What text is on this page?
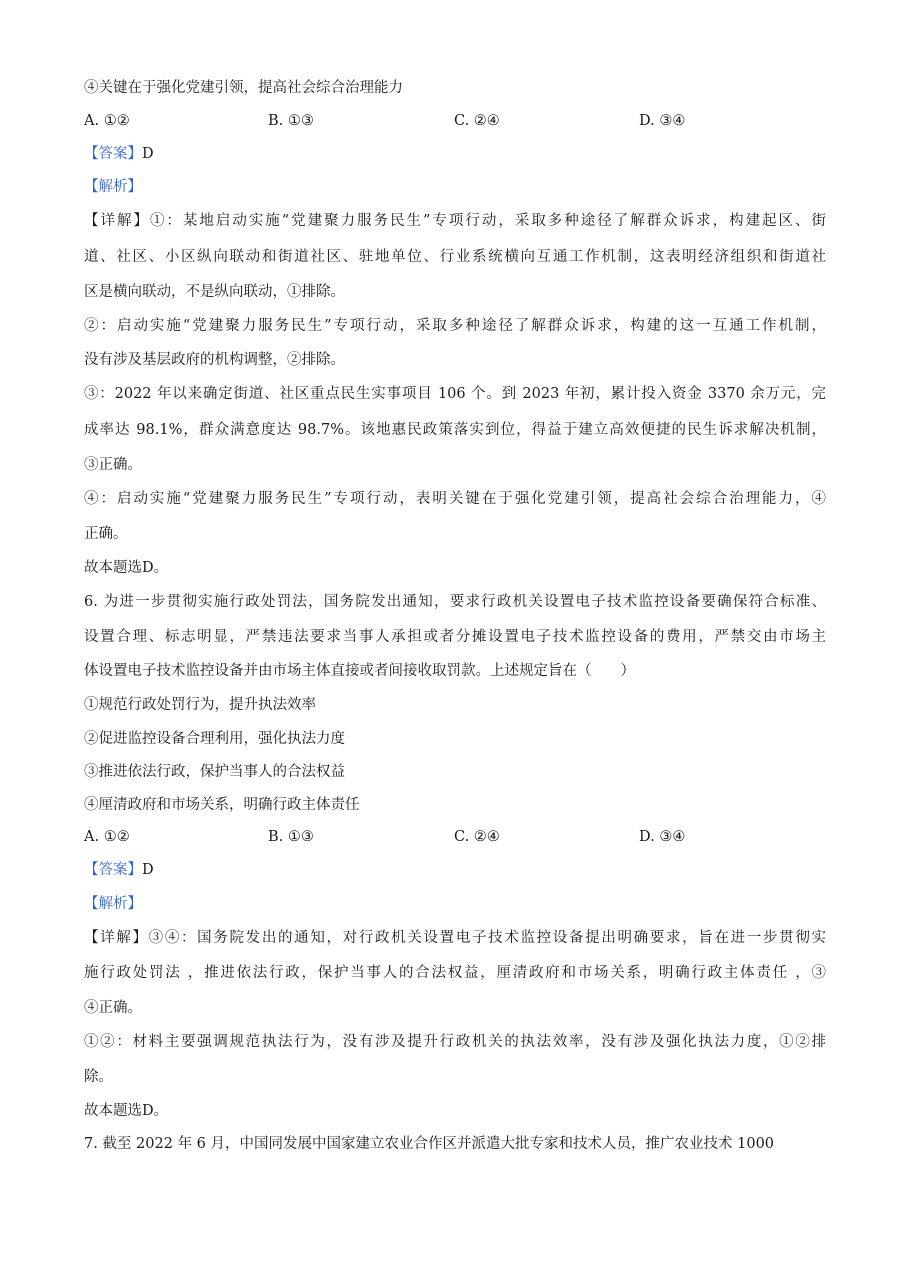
④关键在于强化党建引领，提高社会综合治理能力
A. ①②	B. ①③	C. ②④	D. ③④
【答案】D
【解析】
【详解】①：某地启动实施“党建聚力服务民生”专项行动，采取多种途径了解群众诉求，构建起区、街
道、社区、小区纵向联动和街道社区、驻地单位、行业系统横向互通工作机制，这表明经济组织和街道社
区是横向联动，不是纵向联动，①排除。
②：启动实施“党建聚力服务民生”专项行动，采取多种途径了解群众诉求，构建的这一互通工作机制，
没有涉及基层政府的机构调整，②排除。
③：2022 年以来确定街道、社区重点民生实事项目 106 个。到 2023 年初，累计投入资金 3370 余万元，完
成率达 98.1%，群众满意度达 98.7%。该地惠民政策落实到位，得益于建立高效便捷的民生诉求解决机制，
③正确。
④：启动实施“党建聚力服务民生”专项行动，表明关键在于强化党建引领，提高社会综合治理能力，④
正确。
故本题选D。
6. 为进一步贯彻实施行政处罚法，国务院发出通知，要求行政机关设置电子技术监控设备要确保符合标准、
设置合理、标志明显，严禁违法要求当事人承担或者分摊设置电子技术监控设备的费用，严禁交由市场主
体设置电子技术监控设备并由市场主体直接或者间接收取罚款。上述规定旨在（　　）
①规范行政处罚行为，提升执法效率
②促进监控设备合理利用，强化执法力度
③推进依法行政，保护当事人的合法权益
④厘清政府和市场关系，明确行政主体责任
A. ①②	B. ①③	C. ②④	D. ③④
【答案】D
【解析】
【详解】③④：国务院发出的通知，对行政机关设置电子技术监控设备提出明确要求，旨在进一步贯彻实
施行政处罚法 ，推进依法行政，保护当事人的合法权益，厘清政府和市场关系，明确行政主体责任 ，③
④正确。
①②：材料主要强调规范执法行为，没有涉及提升行政机关的执法效率，没有涉及强化执法力度，①②排
除。
故本题选D。
7. 截至 2022 年 6 月，中国同发展中国家建立农业合作区并派遣大批专家和技术人员，推广农业技术 1000
